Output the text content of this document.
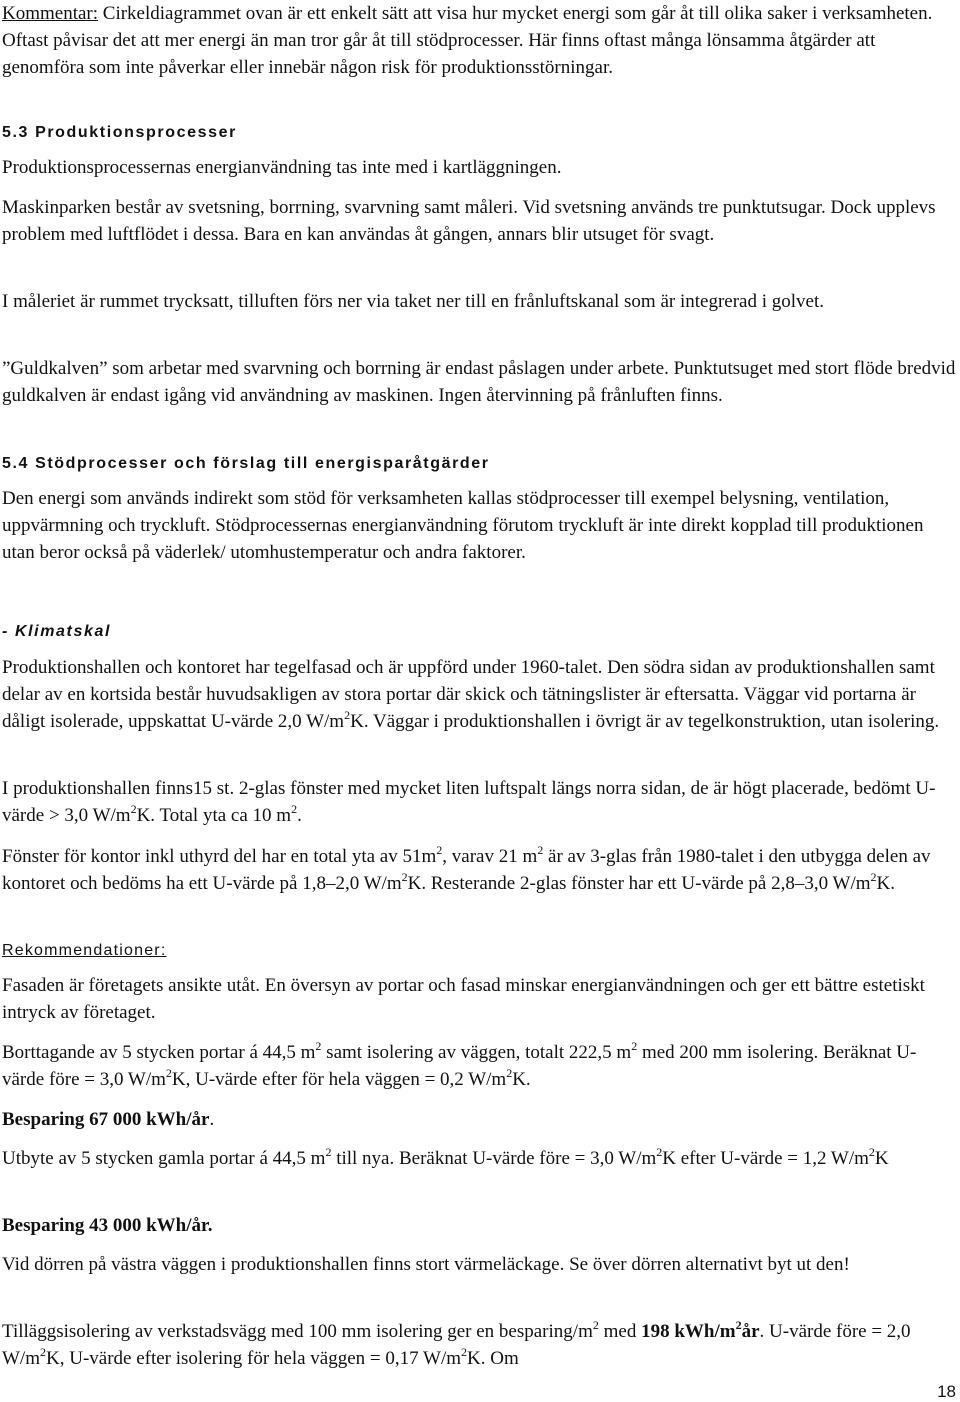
Kommentar: Cirkeldiagrammet ovan är ett enkelt sätt att visa hur mycket energi som går åt till olika saker i verksamheten. Oftast påvisar det att mer energi än man tror går åt till stödprocesser. Här finns oftast många lönsamma åtgärder att genomföra som inte påverkar eller innebär någon risk för produktionsstörningar.

5.3 Produktionsprocesser

Produktionsprocessernas energianvändning tas inte med i kartläggningen.

Maskinparken består av svetsning, borrning, svarvning samt måleri. Vid svetsning används tre punktutsugar. Dock upplevs problem med luftflödet i dessa. Bara en kan användas åt gången, annars blir utsuget för svagt.

I måleriet är rummet trycksatt, tilluften förs ner via taket ner till en frånluftskanal som är integrerad i golvet.

”Guldkalven” som arbetar med svarvning och borrning är endast påslagen under arbete. Punktutsuget med stort flöde bredvid guldkalven är endast igång vid användning av maskinen. Ingen återvinning på frånluften finns.

5.4 Stödprocesser och förslag till energisparåtgärder

Den energi som används indirekt som stöd för verksamheten kallas stödprocesser till exempel belysning, ventilation, uppvärmning och tryckluft. Stödprocessernas energianvändning förutom tryckluft är inte direkt kopplad till produktionen utan beror också på väderlek/ utomhustemperatur och andra faktorer.

- Klimatskal

Produktionshallen och kontoret har tegelfasad och är uppförd under 1960-talet. Den södra sidan av produktionshallen samt delar av en kortsida består huvudsakligen av stora portar där skick och tätningslister är eftersatta. Väggar vid portarna är dåligt isolerade, uppskattat U-värde 2,0 $W/m^2K$. Väggar i produktionshallen i övrigt är av tegelkonstruktion, utan isolering.

I produktionshallen finns15 st. 2-glas fönster med mycket liten luftspalt längs norra sidan, de är högt placerade, bedömt U-värde > 3,0 $W/m^2K$. Total yta ca 10 $m^2$.

Fönster för kontor inkl uthyrd del har en total yta av $51m^2$, varav 21 $m^2$ är av 3-glas från 1980-talet i den utbygga delen av kontoret och bedöms ha ett U-värde på 1,8–2,0 $W/m^2K$. Resterande 2-glas fönster har ett U-värde på 2,8–3,0 $W/m^2K$.

Rekommendationer:

Fasaden är företagets ansikte utåt. En översyn av portar och fasad minskar energianvändningen och ger ett bättre estetiskt intryck av företaget.

Borttagande av 5 stycken portar á 44,5 $m^2$ samt isolering av väggen, totalt 222,5 $m^2$ med 200 mm isolering. Beräknat U-värde före = 3,0 $W/m^2K$, U-värde efter för hela väggen = 0,2 $W/m^2K$.

Besparing 67 000 kWh/år.

Utbyte av 5 stycken gamla portar á 44,5 $m^2$ till nya. Beräknat U-värde före = 3,0 $W/m^2K$ efter U-värde = 1,2 $W/m^2K$

Besparing 43 000 kWh/år.

Vid dörren på västra väggen i produktionshallen finns stort värmeläckage. Se över dörren alternativt byt ut den!

Tilläggsisolering av verkstadsvägg med 100 mm isolering ger en besparing/$m^2$ med 198 kWh/$m^2år$. U-värde före = 2,0 $W/m^2K$, U-värde efter isolering för hela väggen = 0,17 $W/m^2K$. Om

18
